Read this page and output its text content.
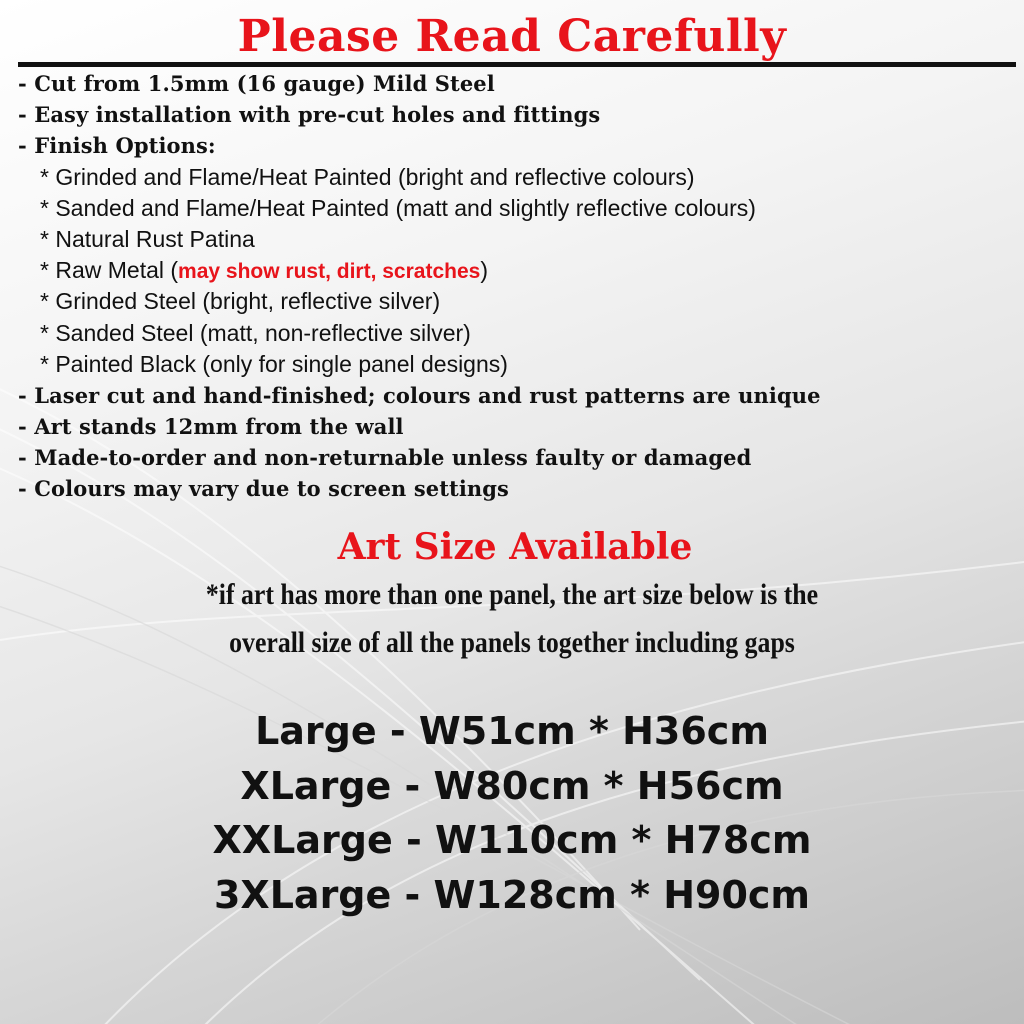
Please Read Carefully
- Cut from 1.5mm (16 gauge) Mild Steel
- Easy installation with pre-cut holes and fittings
- Finish Options:
* Grinded and Flame/Heat Painted (bright and reflective colours)
* Sanded and Flame/Heat Painted (matt and slightly reflective colours)
* Natural Rust Patina
* Raw Metal (may show rust, dirt, scratches)
* Grinded Steel (bright, reflective silver)
* Sanded Steel (matt, non-reflective silver)
* Painted Black (only for single panel designs)
- Laser cut and hand-finished; colours and rust patterns are unique
- Art stands 12mm from the wall
- Made-to-order and non-returnable unless faulty or damaged
- Colours may vary due to screen settings
Art Size Available
*if art has more than one panel, the art size below is the
overall size of all the panels together including gaps
Large - W51cm * H36cm
XLarge - W80cm * H56cm
XXLarge - W110cm * H78cm
3XLarge - W128cm * H90cm
